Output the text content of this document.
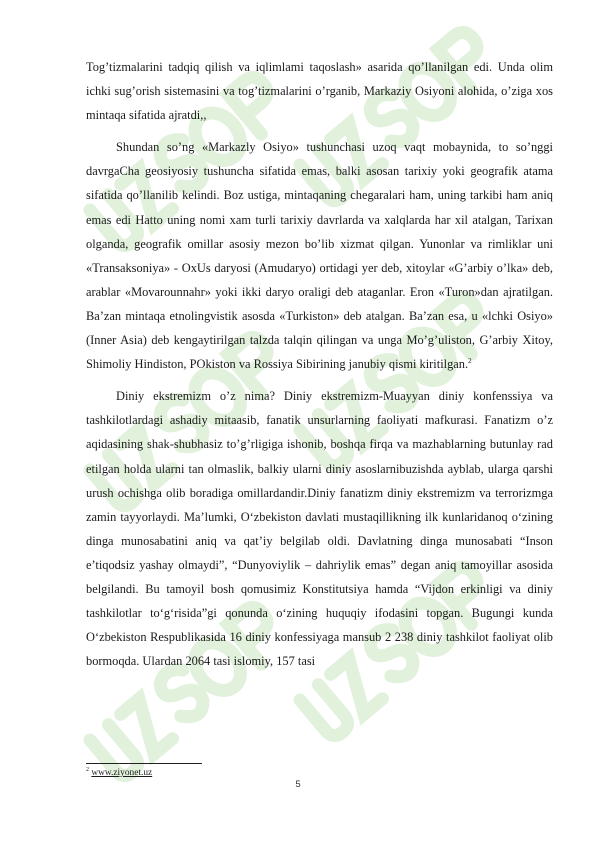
Tog’tizmalarini tadqiq qilish va iqlimlami taqoslash» asarida qo’llanilgan edi. Unda olim ichki sug’orish sistemasini va tog’tizmalarini o’rganib, Markaziy Osiyoni alohida, o’ziga xos mintaqa sifatida ajratdi,,

Shundan so’ng «Markazly Osiyo» tushunchasi uzoq vaqt mobaynida, to so’nggi davrgaCha geosiyosiy tushuncha sifatida emas, balki asosan tarixiy yoki geografik atama sifatida qo’llanilib kelindi. Boz ustiga, mintaqaning chegaralari ham, uning tarkibi ham aniq emas edi Hatto uning nomi xam turli tarixiy davrlarda va xalqlarda har xil atalgan, Tarixan olganda, geografik omillar asosiy mezon bo’lib xizmat qilgan. Yunonlar va rimliklar uni «Transaksoniya» - OxUs daryosi (Amudaryo) ortidagi yer deb, xitoylar «G’arbiy o’lka» deb, arablar «Movarounnahr» yoki ikki daryo oraligi deb ataganlar. Eron «Turon»dan ajratilgan. Ba’zan mintaqa etnolingvistik asosda «Turkiston» deb atalgan. Ba’zan esa, u «lchki Osiyo» (Inner Asia) deb kengaytirilgan talzda talqin qilingan va unga Mo’g’uliston, G’arbiy Xitoy, Shimoliy Hindiston, POkiston va Rossiya Sibirining janubiy qismi kiritilgan.$^2$

Diniy ekstremizm o’z nima? Diniy ekstremizm-Muayyan diniy konfenssiya va tashkilotlardagi ashadiy mitaasib, fanatik unsurlarning faoliyati mafkurasi. Fanatizm o’z aqidasining shak-shubhasiz to’g’rligiga ishonib, boshqa firqa va mazhablarning butunlay rad etilgan holda ularni tan olmaslik, balkiy ularni diniy asoslarnibuzishda ayblab, ularga qarshi urush ochishga olib boradiga omillardandir.Diniy fanatizm diniy ekstremizm va terrorizmga zamin tayyorlaydi. Ma’lumki, O‘zbekiston davlati mustaqillikning ilk kunlaridanoq o‘zining dinga munosabatini aniq va qat’iy belgilab oldi. Davlatning dinga munosabati “Inson e’tiqodsiz yashay olmaydi”, “Dunyoviylik – dahriylik emas” degan aniq tamoyillar asosida belgilandi. Bu tamoyil bosh qomusimiz Konstitutsiya hamda “Vijdon erkinligi va diniy tashkilotlar to‘g‘risida”gi qonunda o‘zining huquqiy ifodasini topgan. Bugungi kunda O‘zbekiston Respublikasida 16 diniy konfessiyaga mansub 2 238 diniy tashkilot faoliyat olib bormoqda. Ulardan 2064 tasi islomiy, 157 tasi

$^2$ www.ziyonet.uz
5
